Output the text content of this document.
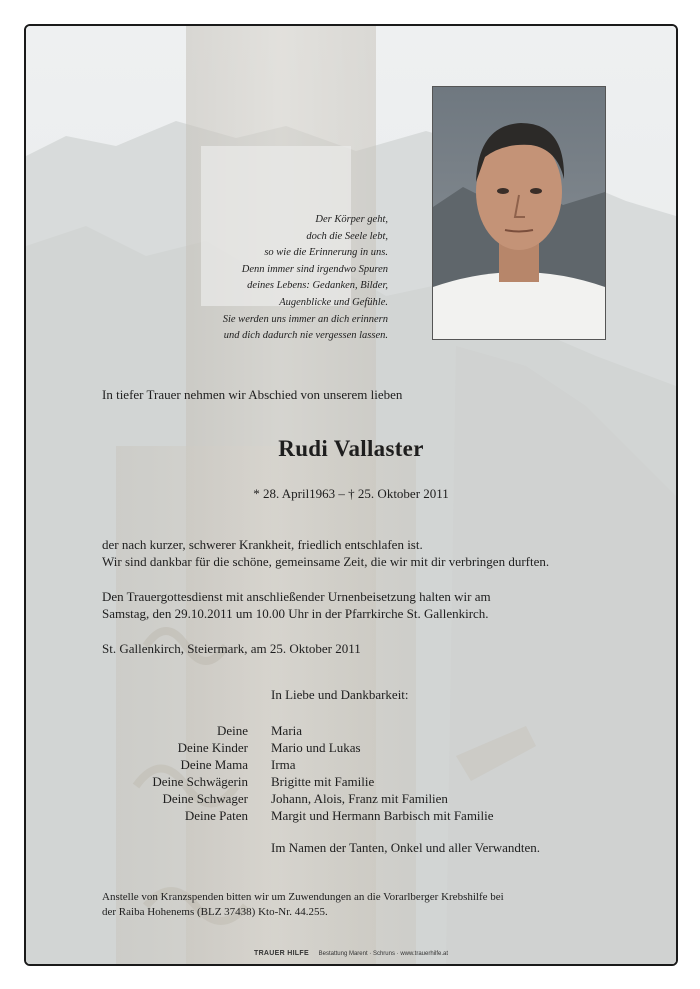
Der Körper geht,
doch die Seele lebt,
so wie die Erinnerung in uns.
Denn immer sind irgendwo Spuren
deines Lebens: Gedanken, Bilder,
Augenblicke und Gefühle.
Sie werden uns immer an dich erinnern
und dich dadurch nie vergessen lassen.
In tiefer Trauer nehmen wir Abschied von unserem lieben
Rudi Vallaster
* 28. April1963 – † 25. Oktober 2011
der nach kurzer, schwerer Krankheit, friedlich entschlafen ist.
Wir sind dankbar für die schöne, gemeinsame Zeit, die wir mit dir verbringen durften.
Den Trauergottesdienst mit anschließender Urnenbeisetzung halten wir am
Samstag, den 29.10.2011 um 10.00 Uhr in der Pfarrkirche St. Gallenkirch.
St. Gallenkirch, Steiermark, am 25. Oktober 2011
In Liebe und Dankbarkeit:
Deine Maria
Deine Kinder Mario und Lukas
Deine Mama Irma
Deine Schwägerin Brigitte mit Familie
Deine Schwager Johann, Alois, Franz mit Familien
Deine Paten Margit und Hermann Barbisch mit Familie
Im Namen der Tanten, Onkel und aller Verwandten.
Anstelle von Kranzspenden bitten wir um Zuwendungen an die Vorarlberger Krebshilfe bei
der Raiba Hohenems (BLZ 37438) Kto-Nr. 44.255.
TRAUER HILFE Bestattung Marent · Schruns · www.trauerhilfe.at
